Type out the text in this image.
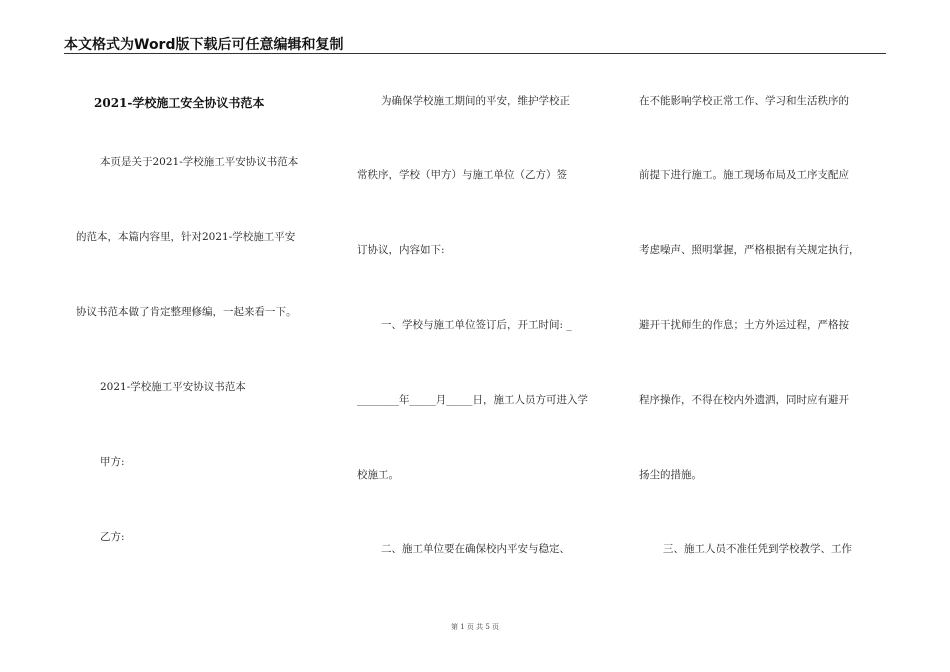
本文格式为Word版下载后可任意编辑和复制
2021-学校施工安全协议书范本
本页是关于2021-学校施工平安协议书范本
的范本，本篇内容里，针对2021-学校施工平安
协议书范本做了肯定整理修编，一起来看一下。
2021-学校施工平安协议书范本
甲方:
乙方:
为确保学校施工期间的平安，维护学校正
常秩序，学校（甲方）与施工单位（乙方）签
订协议，内容如下:
一、学校与施工单位签订后，开工时间: _
________年_____月_____日，施工人员方可进入学
校施工。
二、施工单位要在确保校内平安与稳定、
在不能影响学校正常工作、学习和生活秩序的
前提下进行施工。施工现场布局及工序支配应
考虑噪声、照明掌握，严格根据有关规定执行，
避开干扰师生的作息；土方外运过程，严格按
程序操作，不得在校内外遗洒，同时应有避开
扬尘的措施。
三、施工人员不准任凭到学校教学、工作
第 1 页 共 5 页
